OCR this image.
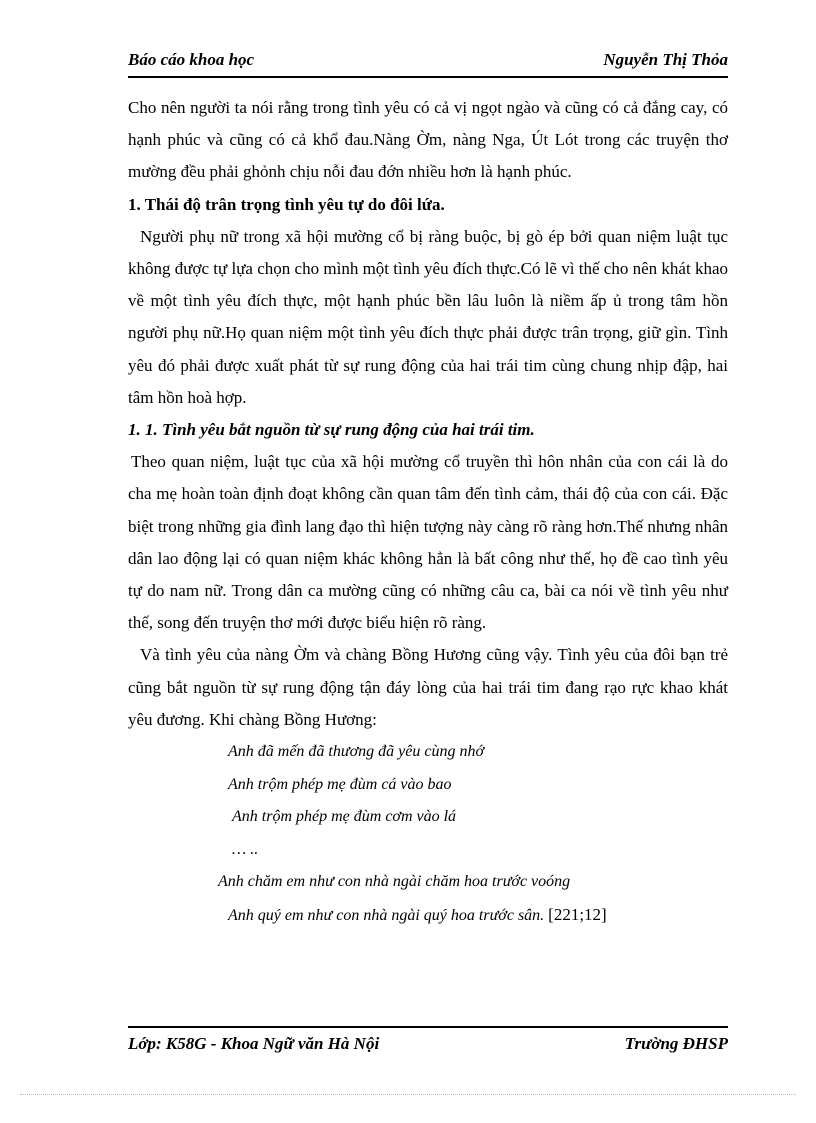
Báo cáo khoa học	Nguyễn Thị Thỏa

Cho nên người ta nói rằng trong tình yêu có cả vị ngọt ngào và cũng có cả đắng cay, có hạnh phúc và cũng có cả khổ đau.Nàng Ờm, nàng Nga, Út Lót trong các truyện thơ mường đều phải ghỏnh chịu nỗi đau đớn nhiều hơn là hạnh phúc.

1. Thái độ trân trọng tình yêu tự do đôi lứa.

Người phụ nữ trong xã hội mường cổ bị ràng buộc, bị gò ép bởi quan niệm luật tục không được tự lựa chọn cho mình một tình yêu đích thực.Có lẽ vì thế cho nên khát khao về một tình yêu đích thực, một hạnh phúc bền lâu luôn là niềm ấp ủ trong tâm hồn người phụ nữ.Họ quan niệm một tình yêu đích thực phải được trân trọng, giữ gìn. Tình yêu đó phải được xuất phát từ sự rung động của hai trái tim cùng chung nhịp đập, hai tâm hồn hoà hợp.

1. 1. Tình yêu bắt nguồn từ sự rung động của hai trái tim.

Theo quan niệm, luật tục của xã hội mường cổ truyền thì hôn nhân của con cái là do cha mẹ hoàn toàn định đoạt không cần quan tâm đến tình cảm, thái độ của con cái. Đặc biệt trong những gia đình lang đạo thì hiện tượng này càng rõ ràng hơn.Thế nhưng nhân dân lao động lại có quan niệm khác không hẳn là bất công như thế, họ đề cao tình yêu tự do nam nữ. Trong dân ca mường cũng có những câu ca, bài ca nói về tình yêu như thế, song đến truyện thơ mới được biểu hiện rõ ràng.

Và tình yêu của nàng Ờm và chàng Bồng Hương cũng vậy. Tình yêu của đôi bạn trẻ cũng bắt nguồn từ sự rung động tận đáy lòng của hai trái tim đang rạo rực khao khát yêu đương. Khi chàng Bồng Hương:

Anh đã mến đã thương đã yêu cùng nhớ
Anh trộm phép mẹ đùm cá vào bao
Anh trộm phép mẹ đùm cơm vào lá
… ..
Anh chăm em như con nhà ngài chăm hoa trước voóng
Anh quý em như con nhà ngài quý hoa trước sân. [221;12]
Lớp: K58G - Khoa Ngữ văn Hà Nội	Trường ĐHSP
